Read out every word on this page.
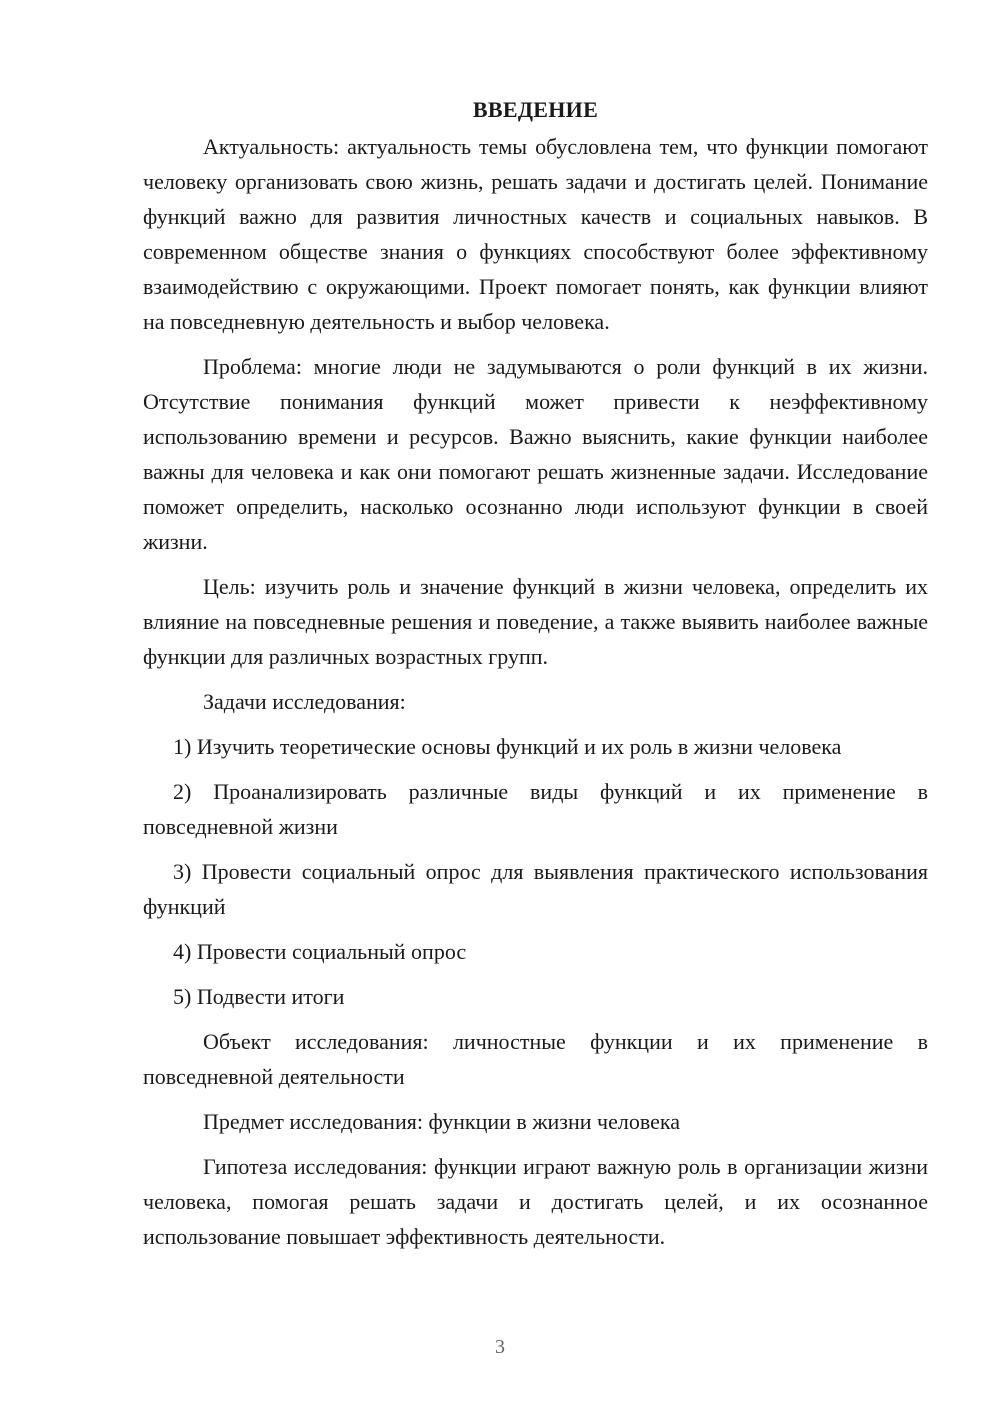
ВВЕДЕНИЕ

Актуальность: актуальность темы обусловлена тем, что функции помогают человеку организовать свою жизнь, решать задачи и достигать целей. Понимание функций важно для развития личностных качеств и социальных навыков. В современном обществе знания о функциях способствуют более эффективному взаимодействию с окружающими. Проект помогает понять, как функции влияют на повседневную деятельность и выбор человека.

Проблема: многие люди не задумываются о роли функций в их жизни. Отсутствие понимания функций может привести к неэффективному использованию времени и ресурсов. Важно выяснить, какие функции наиболее важны для человека и как они помогают решать жизненные задачи. Исследование поможет определить, насколько осознанно люди используют функции в своей жизни.

Цель: изучить роль и значение функций в жизни человека, определить их влияние на повседневные решения и поведение, а также выявить наиболее важные функции для различных возрастных групп.

Задачи исследования:

1) Изучить теоретические основы функций и их роль в жизни человека

2) Проанализировать различные виды функций и их применение в повседневной жизни

3) Провести социальный опрос для выявления практического использования функций

4) Провести социальный опрос

5) Подвести итоги

Объект исследования: личностные функции и их применение в повседневной деятельности

Предмет исследования: функции в жизни человека

Гипотеза исследования: функции играют важную роль в организации жизни человека, помогая решать задачи и достигать целей, и их осознанное использование повышает эффективность деятельности.

3
